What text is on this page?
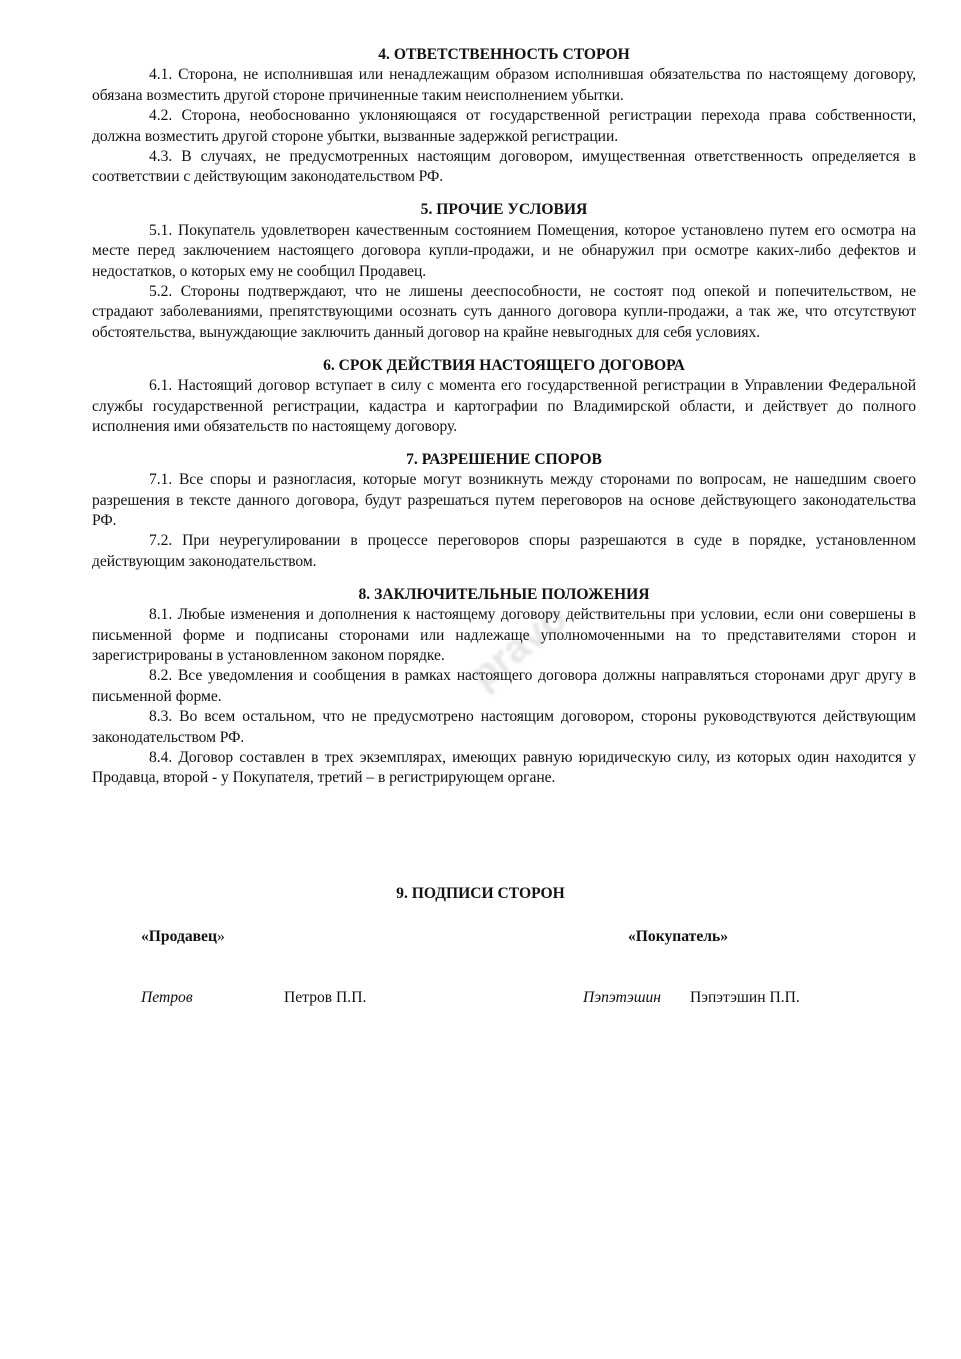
4. ОТВЕТСТВЕННОСТЬ СТОРОН

4.1. Сторона, не исполнившая или ненадлежащим образом исполнившая обязательства по настоящему договору, обязана возместить другой стороне причиненные таким неисполнением убытки.

4.2. Сторона, необоснованно уклоняющаяся от государственной регистрации перехода права собственности, должна возместить другой стороне убытки, вызванные задержкой регистрации.

4.3. В случаях, не предусмотренных настоящим договором, имущественная ответственность определяется в соответствии с действующим законодательством РФ.

5. ПРОЧИЕ УСЛОВИЯ

5.1. Покупатель удовлетворен качественным состоянием Помещения, которое установлено путем его осмотра на месте перед заключением настоящего договора купли-продажи, и не обнаружил при осмотре каких-либо дефектов и недостатков, о которых ему не сообщил Продавец.

5.2. Стороны подтверждают, что не лишены дееспособности, не состоят под опекой и попечительством, не страдают заболеваниями, препятствующими осознать суть данного договора купли-продажи, а так же, что отсутствуют обстоятельства, вынуждающие заключить данный договор на крайне невыгодных для себя условиях.

6. СРОК ДЕЙСТВИЯ НАСТОЯЩЕГО ДОГОВОРА

6.1. Настоящий договор вступает в силу с момента его государственной регистрации в Управлении Федеральной службы государственной регистрации, кадастра и картографии по Владимирской области, и действует до полного исполнения ими обязательств по настоящему договору.

7. РАЗРЕШЕНИЕ СПОРОВ

7.1. Все споры и разногласия, которые могут возникнуть между сторонами по вопросам, не нашедшим своего разрешения в тексте данного договора, будут разрешаться путем переговоров на основе действующего законодательства РФ.

7.2. При неурегулировании в процессе переговоров споры разрешаются в суде в порядке, установленном действующим законодательством.

8. ЗАКЛЮЧИТЕЛЬНЫЕ ПОЛОЖЕНИЯ

8.1. Любые изменения и дополнения к настоящему договору действительны при условии, если они совершены в письменной форме и подписаны сторонами или надлежаще уполномоченными на то представителями сторон и зарегистрированы в установленном законом порядке.

8.2. Все уведомления и сообщения в рамках настоящего договора должны направляться сторонами друг другу в письменной форме.

8.3. Во всем остальном, что не предусмотрено настоящим договором, стороны руководствуются действующим законодательством РФ.

8.4. Договор составлен в трех экземплярах, имеющих равную юридическую силу, из которых один находится у Продавца, второй - у Покупателя, третий – в регистрирующем органе.

pravo

9. ПОДПИСИ СТОРОН

«Продавец»	«Покупатель»
Петров	Петров П.П.	Пэпэтэшин Пэпэтэшин П.П.
